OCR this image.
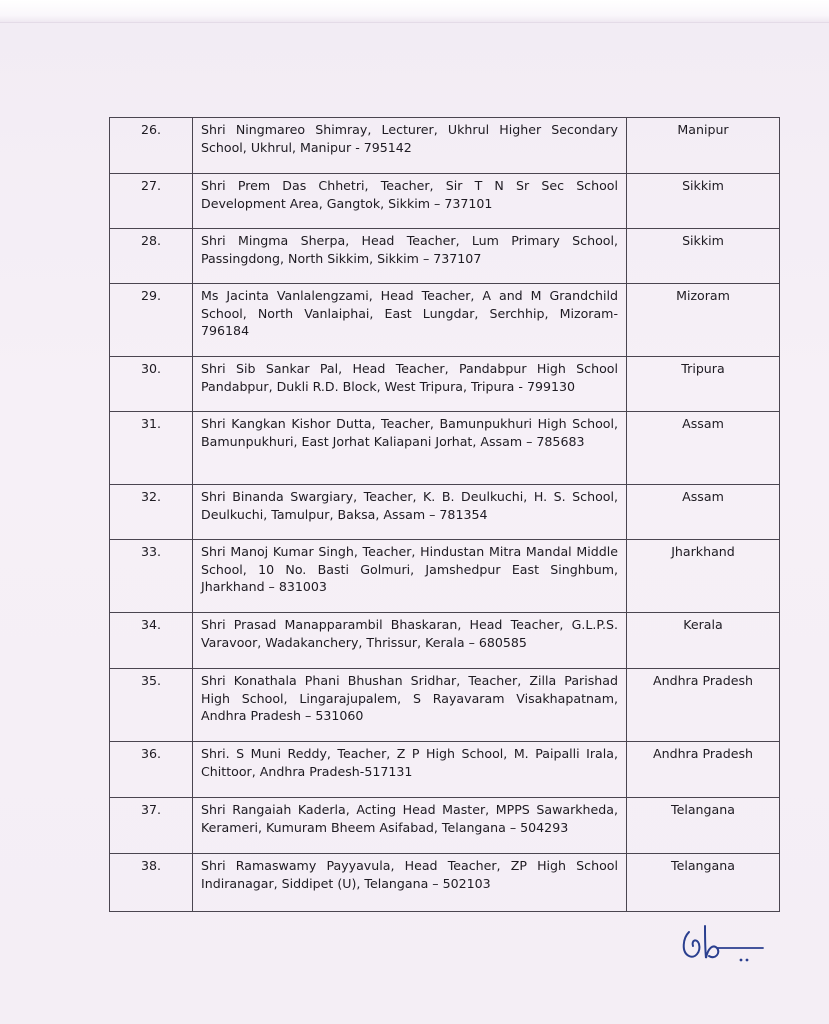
26.	Shri Ningmareo Shimray, Lecturer, Ukhrul Higher Secondary School, Ukhrul, Manipur - 795142	Manipur
27.	Shri Prem Das Chhetri, Teacher, Sir T N Sr Sec School Development Area, Gangtok, Sikkim – 737101	Sikkim
28.	Shri Mingma Sherpa, Head Teacher, Lum Primary School, Passingdong, North Sikkim, Sikkim – 737107	Sikkim
29.	Ms Jacinta Vanlalengzami, Head Teacher, A and M Grandchild School, North Vanlaiphai, East Lungdar, Serchhip, Mizoram-796184	Mizoram
30.	Shri Sib Sankar Pal, Head Teacher, Pandabpur High School Pandabpur, Dukli R.D. Block, West Tripura, Tripura - 799130	Tripura
31.	Shri Kangkan Kishor Dutta, Teacher, Bamunpukhuri High School, Bamunpukhuri, East Jorhat Kaliapani Jorhat, Assam – 785683	Assam
32.	Shri Binanda Swargiary, Teacher, K. B. Deulkuchi, H. S. School, Deulkuchi, Tamulpur, Baksa, Assam – 781354	Assam
33.	Shri Manoj Kumar Singh, Teacher, Hindustan Mitra Mandal Middle School, 10 No. Basti Golmuri, Jamshedpur East Singhbum, Jharkhand – 831003	Jharkhand
34.	Shri Prasad Manapparambil Bhaskaran, Head Teacher, G.L.P.S. Varavoor, Wadakanchery, Thrissur, Kerala – 680585	Kerala
35.	Shri Konathala Phani Bhushan Sridhar, Teacher, Zilla Parishad High School, Lingarajupalem, S Rayavaram Visakhapatnam, Andhra Pradesh – 531060	Andhra Pradesh
36.	Shri. S Muni Reddy, Teacher, Z P High School, M. Paipalli Irala, Chittoor, Andhra Pradesh-517131	Andhra Pradesh
37.	Shri Rangaiah Kaderla, Acting Head Master, MPPS Sawarkheda, Kerameri, Kumuram Bheem Asifabad, Telangana – 504293	Telangana
38.	Shri Ramaswamy Payyavula, Head Teacher, ZP High School Indiranagar, Siddipet (U), Telangana – 502103	Telangana
